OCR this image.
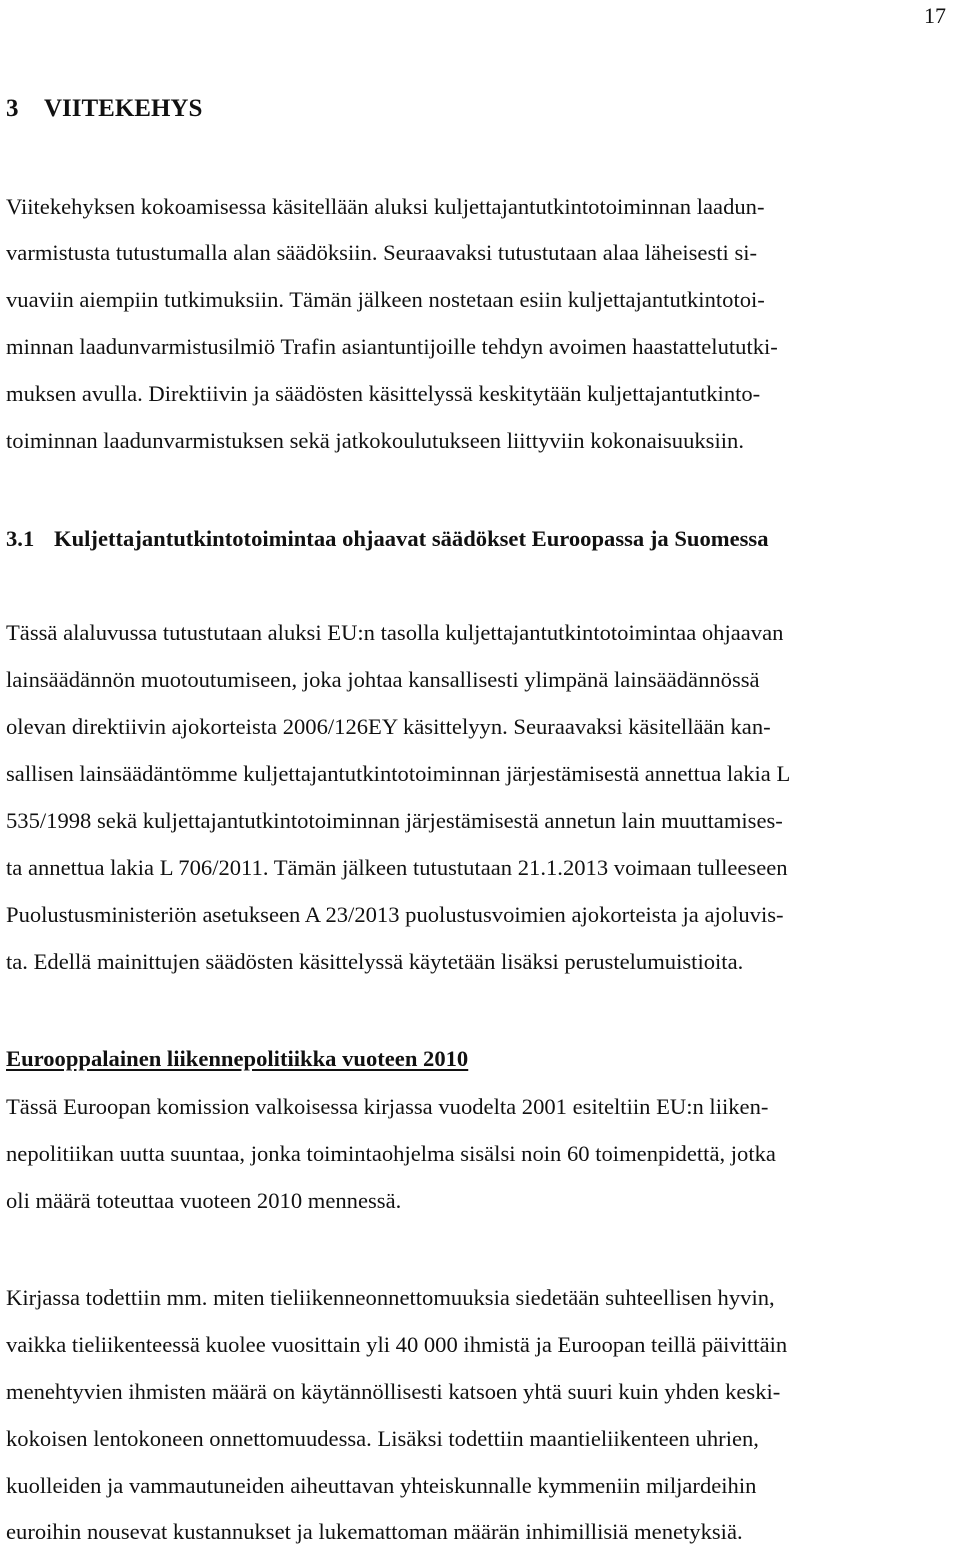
17
3 VIITEKEHYS
Viitekehyksen kokoamisessa käsitellään aluksi kuljettajantutkintotoiminnan laadun-
varmistusta tutustumalla alan säädöksiin. Seuraavaksi tutustutaan alaa läheisesti si-
vuaviin aiempiin tutkimuksiin. Tämän jälkeen nostetaan esiin kuljettajantutkintotoi-
minnan laadunvarmistusilmiö Trafin asiantuntijoille tehdyn avoimen haastattelututki-
muksen avulla. Direktiivin ja säädösten käsittelyssä keskitytään kuljettajantutkinto-
toiminnan laadunvarmistuksen sekä jatkokoulutukseen liittyviin kokonaisuuksiin.
3.1 Kuljettajantutkintotoimintaa ohjaavat säädökset Euroopassa ja Suomessa
Tässä alaluvussa tutustutaan aluksi EU:n tasolla kuljettajantutkintotoimintaa ohjaavan
lainsäädännön muotoutumiseen, joka johtaa kansallisesti ylimpänä lainsäädännössä
olevan direktiivin ajokorteista 2006/126EY käsittelyyn. Seuraavaksi käsitellään kan-
sallisen lainsäädäntömme kuljettajantutkintotoiminnan järjestämisestä annettua lakia L
535/1998 sekä kuljettajantutkintotoiminnan järjestämisestä annetun lain muuttamises-
ta annettua lakia L 706/2011. Tämän jälkeen tutustutaan 21.1.2013 voimaan tulleeseen
Puolustusministeriön asetukseen A 23/2013 puolustusvoimien ajokorteista ja ajoluvis-
ta. Edellä mainittujen säädösten käsittelyssä käytetään lisäksi perustelumuistioita.
Eurooppalainen liikennepolitiikka vuoteen 2010
Tässä Euroopan komission valkoisessa kirjassa vuodelta 2001 esiteltiin EU:n liiken-
nepolitiikan uutta suuntaa, jonka toimintaohjelma sisälsi noin 60 toimenpidettä, jotka
oli määrä toteuttaa vuoteen 2010 mennessä.
Kirjassa todettiin mm. miten tieliikenneonnettomuuksia siedetään suhteellisen hyvin,
vaikka tieliikenteessä kuolee vuosittain yli 40 000 ihmistä ja Euroopan teillä päivittäin
menehtyvien ihmisten määrä on käytännöllisesti katsoen yhtä suuri kuin yhden keski-
kokoisen lentokoneen onnettomuudessa. Lisäksi todettiin maantieliikenteen uhrien,
kuolleiden ja vammautuneiden aiheuttavan yhteiskunnalle kymmeniin miljardeihin
euroihin nousevat kustannukset ja lukemattoman määrän inhimillisiä menetyksiä.
